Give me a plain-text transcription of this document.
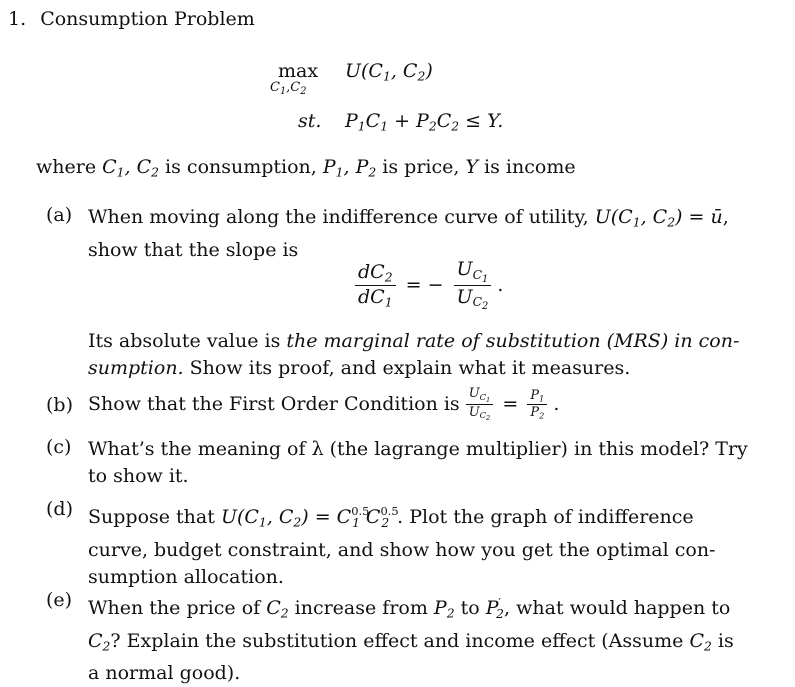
1. Consumption Problem
max
$C_1,C_2$
$U(C_1$, $C_2$)
st. $P_1C_1 + P_2C_2 \le Y$.
where $C_1$, $C_2$ is consumption, $P_1$, $P_2$ is price, Y is income
(a) When moving along the indifference curve of utility, $U(C_1$, $C_2$) = ū,
show that the slope is
$\frac{dC_2}{dC_1}$ = − $\frac{U_{C_1}}{U_{C_2}}$ .
Its absolute value is the marginal rate of substitution (MRS) in con-
sumption. Show its proof, and explain what it measures.
(b) Show that the First Order Condition is $\frac{U_{C_1}}{U_{C_2}} = \frac{P_1}{P_2}$ .
(c) What’s the meaning of λ (the lagrange multiplier) in this model? Try
to show it.
(d) Suppose that $U(C_1$, $C_2) = C^{0.5}_1$ $C^{0.5}_2$ . Plot the graph of indifference
curve, budget constraint, and show how you get the optimal con-
sumption allocation.
(e) When the price of $C_2$ increase from $P_2$ to $P'_2$, what would happen to
$C_2$? Explain the substitution effect and income effect (Assume $C_2$ is
a normal good).
